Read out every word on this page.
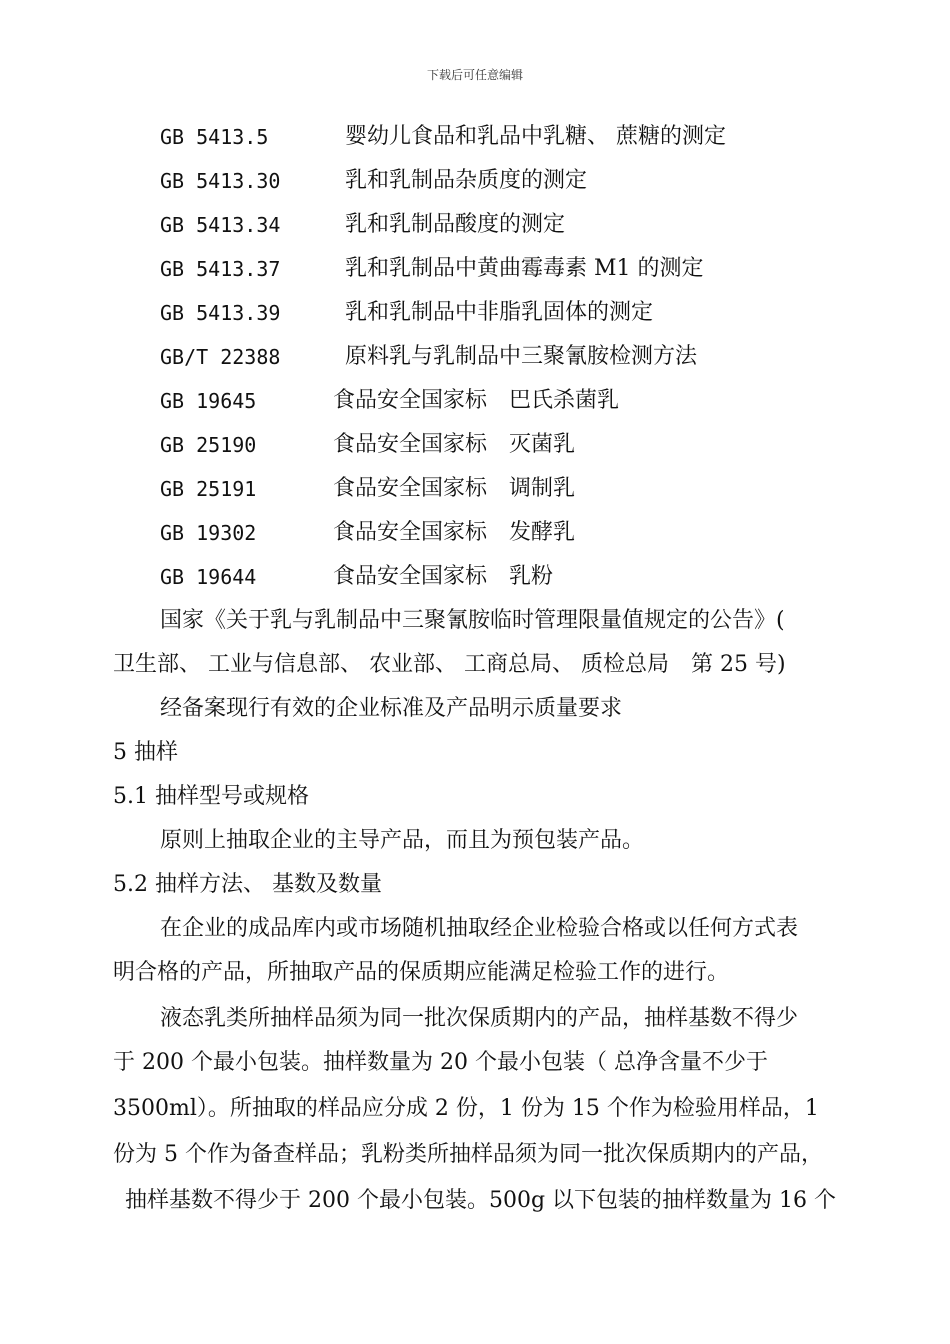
下载后可任意编辑
GB 5413.5	婴幼儿食品和乳品中乳糖、 蔗糖的测定
GB 5413.30	乳和乳制品杂质度的测定
GB 5413.34	乳和乳制品酸度的测定
GB 5413.37	乳和乳制品中黄曲霉毒素 M1 的测定
GB 5413.39	乳和乳制品中非脂乳固体的测定
GB/T 22388	原料乳与乳制品中三聚氰胺检测方法
GB 19645	食品安全国家标　巴氏杀菌乳
GB 25190	食品安全国家标　灭菌乳
GB 25191	食品安全国家标　调制乳
GB 19302	食品安全国家标　发酵乳
GB 19644	食品安全国家标　乳粉
国家《关于乳与乳制品中三聚氰胺临时管理限量值规定的公告》(
卫生部、 工业与信息部、 农业部、 工商总局、 质检总局　第 25 号)
经备案现行有效的企业标准及产品明示质量要求
5 抽样
5.1 抽样型号或规格
原则上抽取企业的主导产品，而且为预包装产品。
5.2 抽样方法、 基数及数量
在企业的成品库内或市场随机抽取经企业检验合格或以任何方式表
明合格的产品，所抽取产品的保质期应能满足检验工作的进行。
液态乳类所抽样品须为同一批次保质期内的产品，抽样基数不得少
于 200 个最小包装。抽样数量为 20 个最小包装（ 总净含量不少于
3500ml）。所抽取的样品应分成 2 份，1 份为 15 个作为检验用样品，1
份为 5 个作为备查样品；乳粉类所抽样品须为同一批次保质期内的产品，
抽样基数不得少于 200 个最小包装。500g 以下包装的抽样数量为 16 个
